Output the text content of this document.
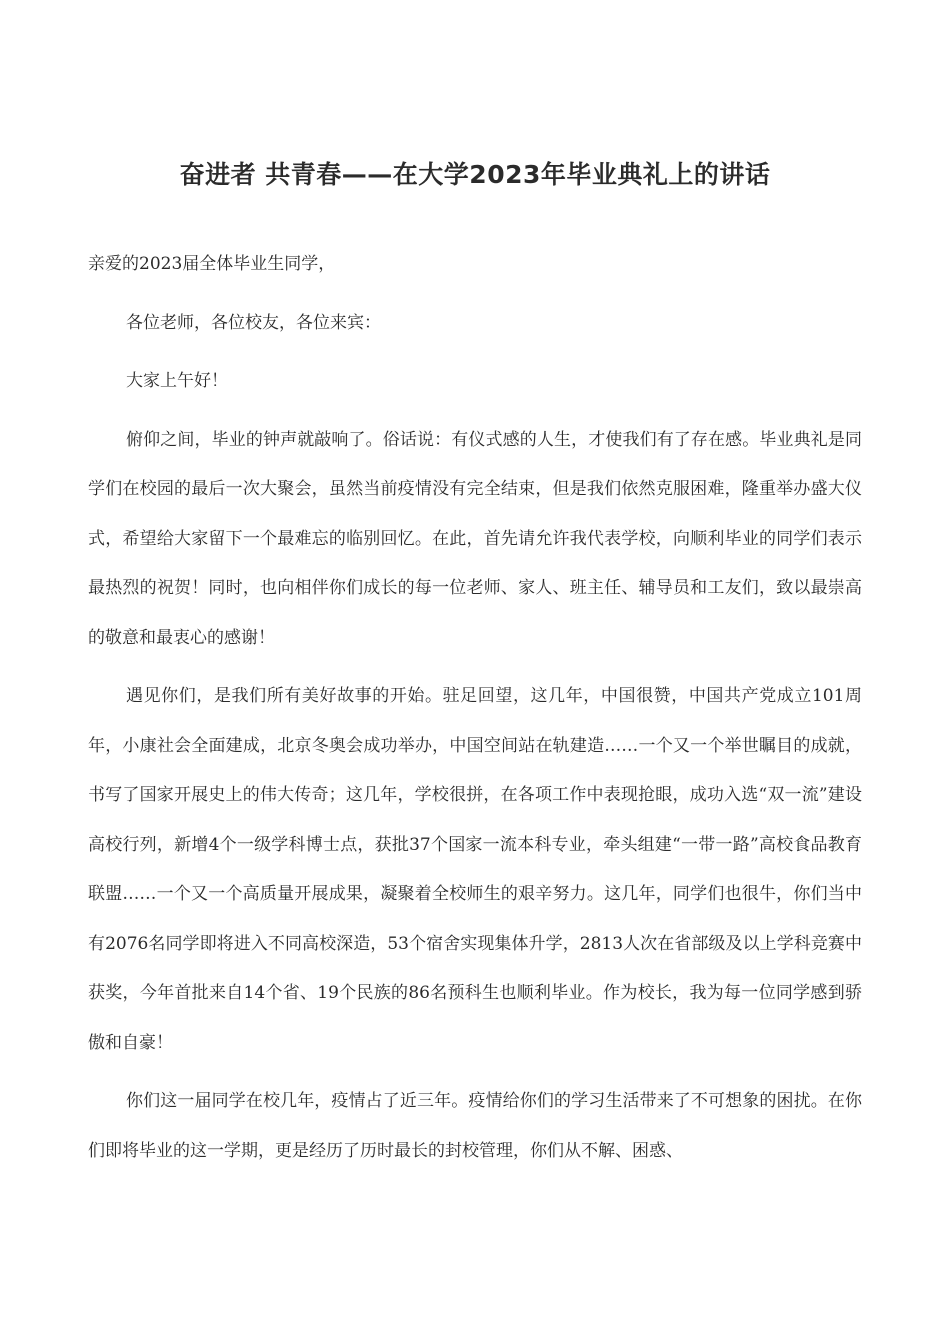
奋进者 共青春——在大学2023年毕业典礼上的讲话

亲爱的2023届全体毕业生同学，

各位老师，各位校友，各位来宾：

大家上午好！

俯仰之间，毕业的钟声就敲响了。俗话说：有仪式感的人生，才使我们有了存在感。毕业典礼是同学们在校园的最后一次大聚会，虽然当前疫情没有完全结束，但是我们依然克服困难，隆重举办盛大仪式，希望给大家留下一个最难忘的临别回忆。在此，首先请允许我代表学校，向顺利毕业的同学们表示最热烈的祝贺！同时，也向相伴你们成长的每一位老师、家人、班主任、辅导员和工友们，致以最崇高的敬意和最衷心的感谢！

遇见你们，是我们所有美好故事的开始。驻足回望，这几年，中国很赞，中国共产党成立101周年，小康社会全面建成，北京冬奥会成功举办，中国空间站在轨建造……一个又一个举世瞩目的成就，书写了国家开展史上的伟大传奇；这几年，学校很拼，在各项工作中表现抢眼，成功入选“双一流”建设高校行列，新增4个一级学科博士点，获批37个国家一流本科专业，牵头组建“一带一路”高校食品教育联盟……一个又一个高质量开展成果，凝聚着全校师生的艰辛努力。这几年，同学们也很牛，你们当中有2076名同学即将进入不同高校深造，53个宿舍实现集体升学，2813人次在省部级及以上学科竞赛中获奖，今年首批来自14个省、19个民族的86名预科生也顺利毕业。作为校长，我为每一位同学感到骄傲和自豪！

你们这一届同学在校几年，疫情占了近三年。疫情给你们的学习生活带来了不可想象的困扰。在你们即将毕业的这一学期，更是经历了历时最长的封校管理，你们从不解、困惑、
